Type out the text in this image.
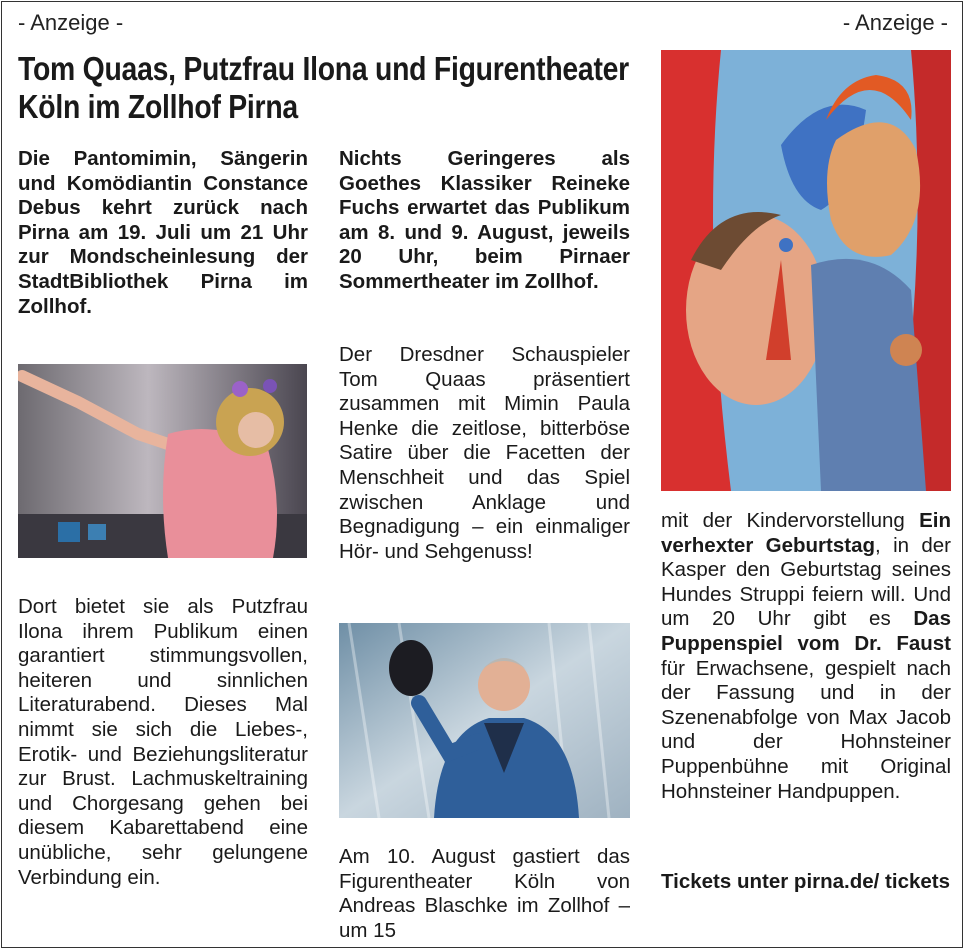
- Anzeige -	- Anzeige -
Tom Quaas, Putzfrau Ilona und Figurentheater Köln im Zollhof Pirna
Die Pantomimin, Sängerin und Komödiantin Constance Debus kehrt zurück nach Pirna am 19. Juli um 21 Uhr zur Mondscheinlesung der StadtBibliothek Pirna im Zollhof.
Dort bietet sie als Putzfrau Ilona ihrem Publikum einen garantiert stimmungsvollen, heiteren und sinnlichen Literaturabend. Dieses Mal nimmt sie sich die Liebes-, Erotik- und Beziehungsliteratur zur Brust. Lachmuskeltraining und Chorgesang gehen bei diesem Kabarettabend eine unübliche, sehr gelungene Verbindung ein.
Nichts Geringeres als Goethes Klassiker Reineke Fuchs erwartet das Publikum am 8. und 9. August, jeweils 20 Uhr, beim Pirnaer Sommertheater im Zollhof.
Der Dresdner Schauspieler Tom Quaas präsentiert zusammen mit Mimin Paula Henke die zeitlose, bitterböse Satire über die Facetten der Menschheit und das Spiel zwischen Anklage und Begnadigung – ein einmaliger Hör- und Sehgenuss!
Am 10. August gastiert das Figurentheater Köln von Andreas Blaschke im Zollhof – um 15
mit der Kindervorstellung Ein verhexter Geburtstag, in der Kasper den Geburtstag seines Hundes Struppi feiern will. Und um 20 Uhr gibt es Das Puppenspiel vom Dr. Faust für Erwachsene, gespielt nach der Fassung und in der Szenenabfolge von Max Jacob und der Hohnsteiner Puppenbühne mit Original Hohnsteiner Handpuppen.
Tickets unter pirna.de/ tickets
